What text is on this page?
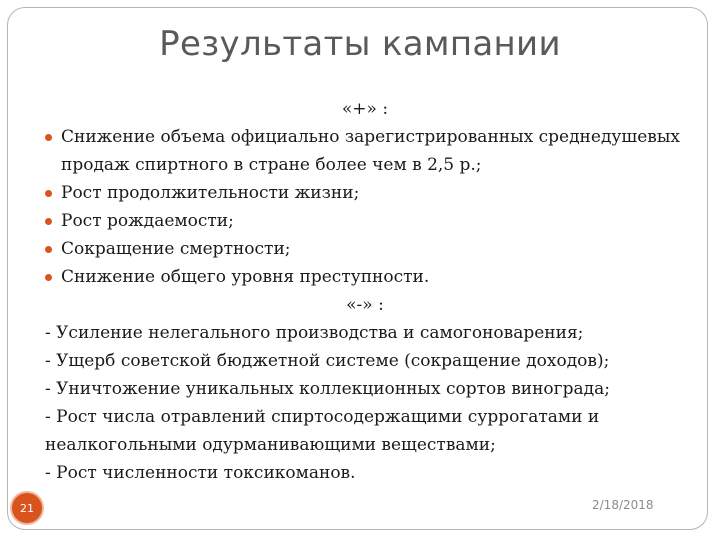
Результаты кампании
«+» :
Снижение объема официально зарегистрированных среднедушевых продаж спиртного в стране более чем в 2,5 р.;
Рост продолжительности жизни;
Рост рождаемости;
Сокращение смертности;
Снижение общего уровня преступности.
«-» :
- Усиление нелегального производства и самогоноварения;
- Ущерб советской бюджетной системе (сокращение доходов);
- Уничтожение уникальных коллекционных сортов винограда;
- Рост числа отравлений спиртосодержащими суррогатами и неалкогольными одурманивающими веществами;
- Рост численности токсикоманов.
21	2/18/2018
